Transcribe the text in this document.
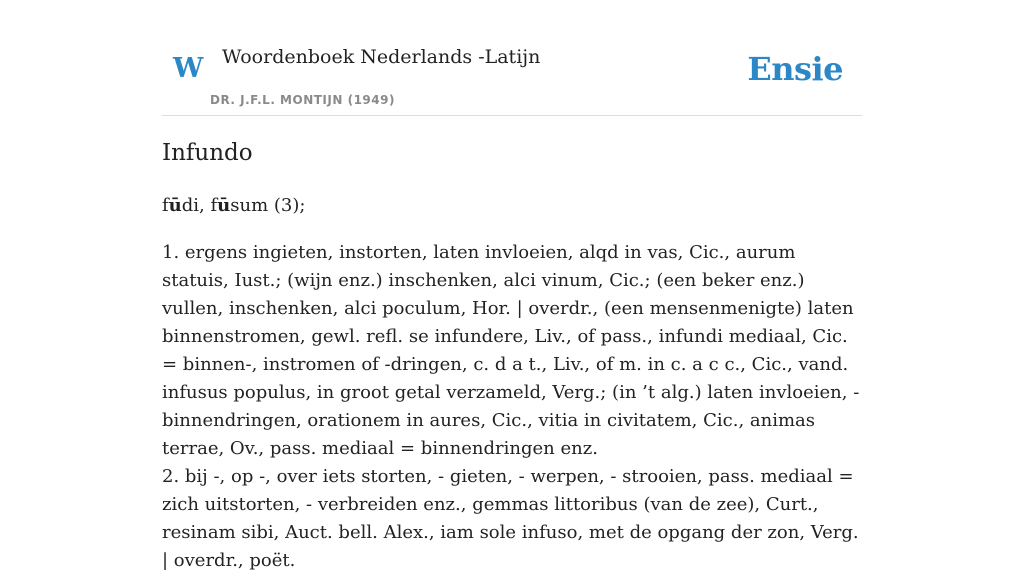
W Woordenboek Nederlands -Latijn
DR. J.F.L. MONTIJN (1949)
Ensie
Infundo
fūdi, fūsum (3);

1. ergens ingieten, instorten, laten invloeien, alqd in vas, Cic., aurum statuis, Iust.; (wijn enz.) inschenken, alci vinum, Cic.; (een beker enz.) vullen, inschenken, alci poculum, Hor. | overdr., (een mensenmenigte) laten binnenstromen, gewl. refl. se infundere, Liv., of pass., infundi mediaal, Cic. = binnen-, instromen of -dringen, c. d a t., Liv., of m. in c. a c c., Cic., vand. infusus populus, in groot getal verzameld, Verg.; (in ’t alg.) laten invloeien, - binnendringen, orationem in aures, Cic., vitia in civitatem, Cic., animas terrae, Ov., pass. mediaal = binnendringen enz.

2. bij -, op -, over iets storten, - gieten, - werpen, - strooien, pass. mediaal = zich uitstorten, - verbreiden enz., gemmas littoribus (van de zee), Curt., resinam sibi, Auct. bell. Alex., iam sole infuso, met de opgang der zon, Verg. | overdr., poët.
